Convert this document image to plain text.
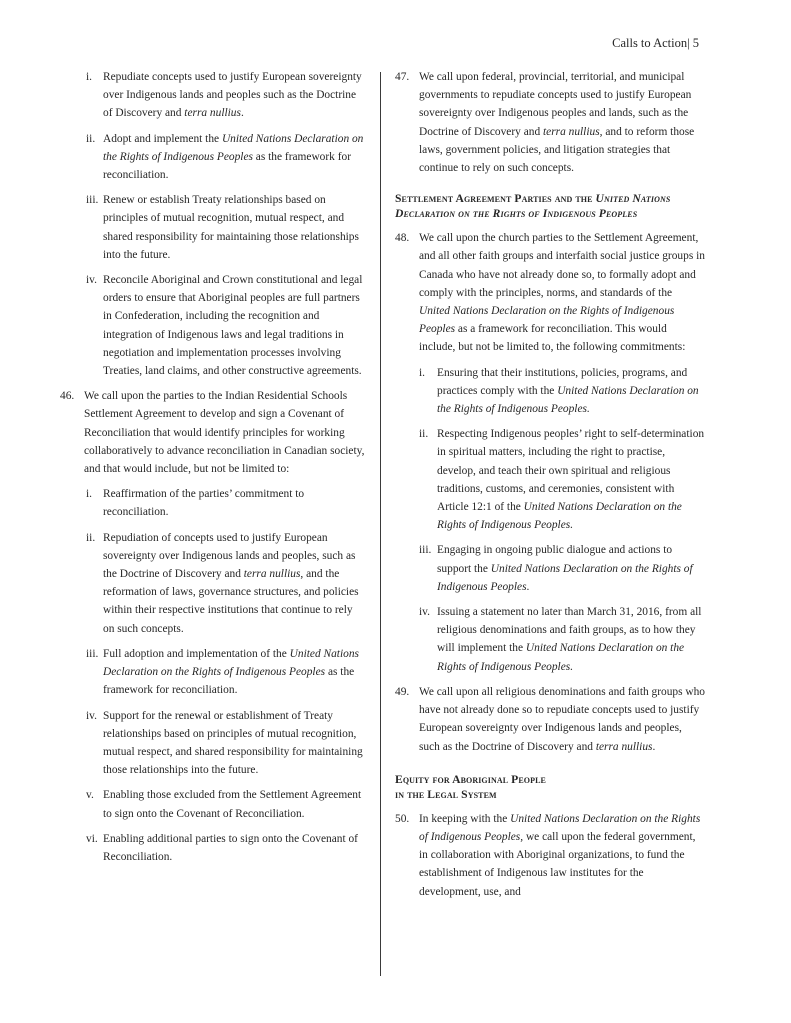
Calls to Action| 5
i. Repudiate concepts used to justify European sovereignty over Indigenous lands and peoples such as the Doctrine of Discovery and terra nullius.
ii. Adopt and implement the United Nations Declaration on the Rights of Indigenous Peoples as the framework for reconciliation.
iii. Renew or establish Treaty relationships based on principles of mutual recognition, mutual respect, and shared responsibility for maintaining those relationships into the future.
iv. Reconcile Aboriginal and Crown constitutional and legal orders to ensure that Aboriginal peoples are full partners in Confederation, including the recognition and integration of Indigenous laws and legal traditions in negotiation and implementation processes involving Treaties, land claims, and other constructive agreements.
46. We call upon the parties to the Indian Residential Schools Settlement Agreement to develop and sign a Covenant of Reconciliation that would identify principles for working collaboratively to advance reconciliation in Canadian society, and that would include, but not be limited to:
i. Reaffirmation of the parties’ commitment to reconciliation.
ii. Repudiation of concepts used to justify European sovereignty over Indigenous lands and peoples, such as the Doctrine of Discovery and terra nullius, and the reformation of laws, governance structures, and policies within their respective institutions that continue to rely on such concepts.
iii. Full adoption and implementation of the United Nations Declaration on the Rights of Indigenous Peoples as the framework for reconciliation.
iv. Support for the renewal or establishment of Treaty relationships based on principles of mutual recognition, mutual respect, and shared responsibility for maintaining those relationships into the future.
v. Enabling those excluded from the Settlement Agreement to sign onto the Covenant of Reconciliation.
vi. Enabling additional parties to sign onto the Covenant of Reconciliation.
47. We call upon federal, provincial, territorial, and municipal governments to repudiate concepts used to justify European sovereignty over Indigenous peoples and lands, such as the Doctrine of Discovery and terra nullius, and to reform those laws, government policies, and litigation strategies that continue to rely on such concepts.
Settlement Agreement Parties and the United Nations Declaration on the Rights of Indigenous Peoples
48. We call upon the church parties to the Settlement Agreement, and all other faith groups and interfaith social justice groups in Canada who have not already done so, to formally adopt and comply with the principles, norms, and standards of the United Nations Declaration on the Rights of Indigenous Peoples as a framework for reconciliation. This would include, but not be limited to, the following commitments:
i.	Ensuring that their institutions, policies, programs, and practices comply with the United Nations Declaration on the Rights of Indigenous Peoples.
ii. Respecting Indigenous peoples’ right to self-determination in spiritual matters, including the right to practise, develop, and teach their own spiritual and religious traditions, customs, and ceremonies, consistent with Article 12:1 of the United Nations Declaration on the Rights of Indigenous Peoples.
iii. Engaging in ongoing public dialogue and actions to support the United Nations Declaration on the Rights of Indigenous Peoples.
iv. Issuing a statement no later than March 31, 2016, from all religious denominations and faith groups, as to how they will implement the United Nations Declaration on the Rights of Indigenous Peoples.
49. We call upon all religious denominations and faith groups who have not already done so to repudiate concepts used to justify European sovereignty over Indigenous lands and peoples, such as the Doctrine of Discovery and terra nullius.
Equity for Aboriginal People
in the Legal System
50. In keeping with the United Nations Declaration on the Rights of Indigenous Peoples, we call upon the federal government, in collaboration with Aboriginal organizations, to fund the establishment of Indigenous law institutes for the development, use, and
